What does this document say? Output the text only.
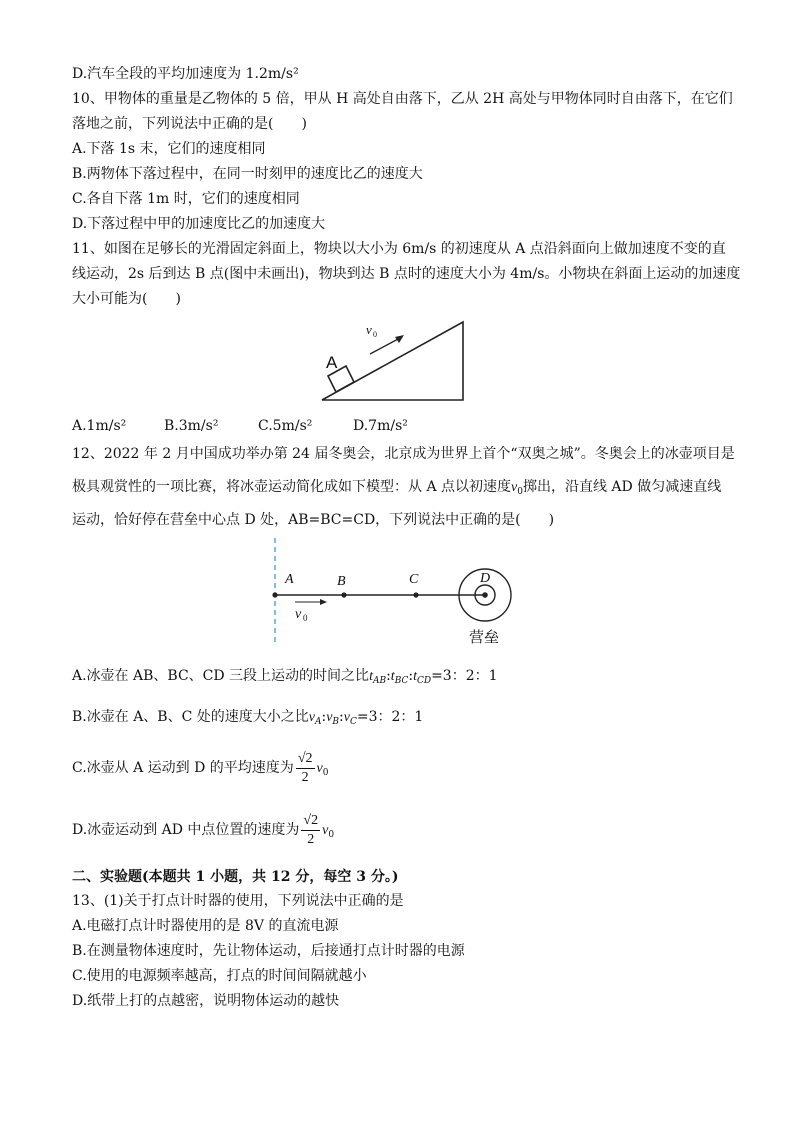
D.汽车全段的平均加速度为 1.2m/s²
10、甲物体的重量是乙物体的 5 倍，甲从 H 高处自由落下，乙从 2H 高处与甲物体同时自由落下，在它们
落地之前，下列说法中正确的是(　　)
A.下落 1s 末，它们的速度相同
B.两物体下落过程中，在同一时刻甲的速度比乙的速度大
C.各自下落 1m 时，它们的速度相同
D.下落过程中甲的加速度比乙的加速度大
11、如图在足够长的光滑固定斜面上，物块以大小为 6m/s 的初速度从 A 点沿斜面向上做加速度不变的直
线运动，2s 后到达 B 点(图中未画出)，物块到达 B 点时的速度大小为 4m/s。小物块在斜面上运动的加速度
大小可能为(　　)
A
v 0
A.1m/s²	B.3m/s²	C.5m/s²	D.7m/s²
12、2022 年 2 月中国成功举办第 24 届冬奥会，北京成为世界上首个“双奥之城”。冬奥会上的冰壶项目是
极具观赏性的一项比赛，将冰壶运动简化成如下模型：从 A 点以初速度$v_0$掷出，沿直线 AD 做匀减速直线
运动，恰好停在营垒中心点 D 处，AB=BC=CD，下列说法中正确的是(　　)
A	B	C	D
v 0
营垒
A.冰壶在 AB、BC、CD 三段上运动的时间之比$t_{AB}:t_{BC}:t_{CD}=3$：2：1
B.冰壶在 A、B、C 处的速度大小之比$v_A:v_B:v_C=3$：2：1
C.冰壶从 A 运动到 D 的平均速度为 $\frac{√2}{2} v_0$
D.冰壶运动到 AD 中点位置的速度为 $\frac{√2}{2} v_0$
二、实验题(本题共 1 小题，共 12 分，每空 3 分。)
13、(1)关于打点计时器的使用，下列说法中正确的是
A.电磁打点计时器使用的是 8V 的直流电源
B.在测量物体速度时，先让物体运动，后接通打点计时器的电源
C.使用的电源频率越高，打点的时间间隔就越小
D.纸带上打的点越密，说明物体运动的越快
